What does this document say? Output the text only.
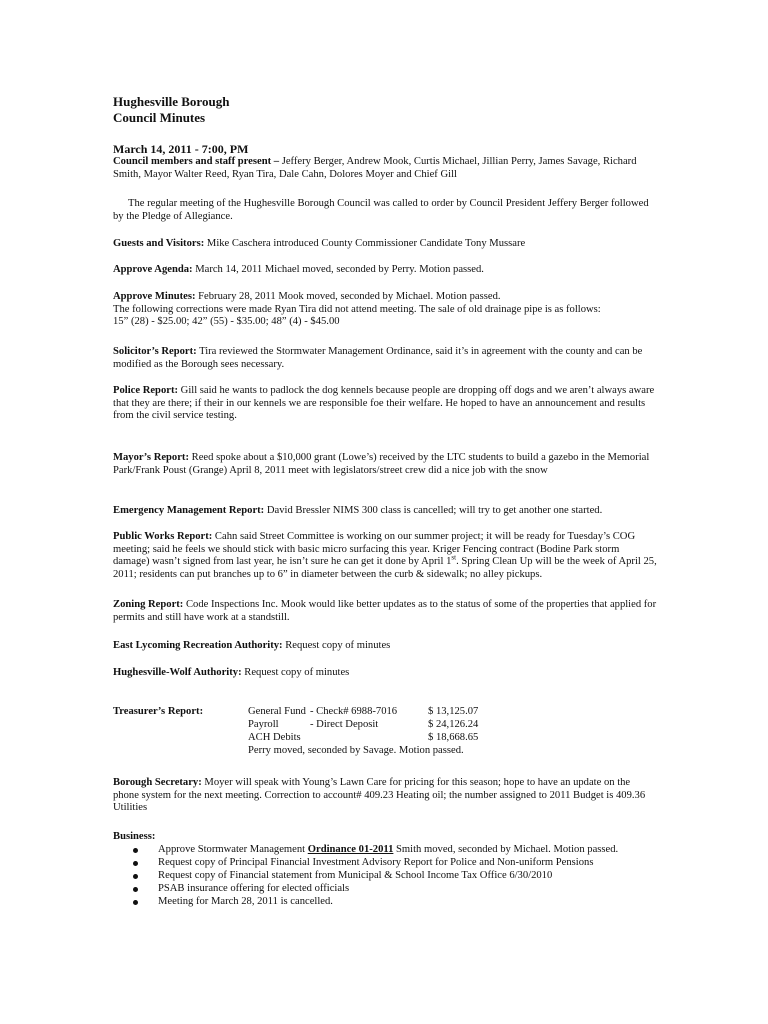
Hughesville Borough
Council Minutes
March 14, 2011 - 7:00, PM
Council members and staff present – Jeffery Berger, Andrew Mook, Curtis Michael, Jillian Perry, James Savage, Richard Smith, Mayor Walter Reed, Ryan Tira, Dale Cahn, Dolores Moyer and Chief Gill
The regular meeting of the Hughesville Borough Council was called to order by Council President Jeffery Berger followed by the Pledge of Allegiance.
Guests and Visitors: Mike Caschera introduced County Commissioner Candidate Tony Mussare
Approve Agenda: March 14, 2011 Michael moved, seconded by Perry. Motion passed.
Approve Minutes: February 28, 2011 Mook moved, seconded by Michael. Motion passed.
The following corrections were made Ryan Tira did not attend meeting. The sale of old drainage pipe is as follows:
15” (28) - $25.00; 42” (55) - $35.00; 48” (4) - $45.00
Solicitor’s Report: Tira reviewed the Stormwater Management Ordinance, said it’s in agreement with the county and can be modified as the Borough sees necessary.
Police Report: Gill said he wants to padlock the dog kennels because people are dropping off dogs and we aren’t always aware that they are there; if their in our kennels we are responsible foe their welfare. He hoped to have an announcement and results from the civil service testing.
Mayor’s Report: Reed spoke about a $10,000 grant (Lowe’s) received by the LTC students to build a gazebo in the Memorial Park/Frank Poust (Grange) April 8, 2011 meet with legislators/street crew did a nice job with the snow
Emergency Management Report: David Bressler NIMS 300 class is cancelled; will try to get another one started.
Public Works Report: Cahn said Street Committee is working on our summer project; it will be ready for Tuesday’s COG meeting; said he feels we should stick with basic micro surfacing this year. Kriger Fencing contract (Bodine Park storm damage) wasn’t signed from last year, he isn’t sure he can get it done by April 1st. Spring Clean Up will be the week of April 25, 2011; residents can put branches up to 6” in diameter between the curb & sidewalk; no alley pickups.
Zoning Report: Code Inspections Inc. Mook would like better updates as to the status of some of the properties that applied for permits and still have work at a standstill.
East Lycoming Recreation Authority: Request copy of minutes
Hughesville-Wolf Authority: Request copy of minutes
Treasurer’s Report:	General Fund - Check# 6988-7016	$ 13,125.07
Payroll	- Direct Deposit	$ 24,126.24
ACH Debits	$ 18,668.65
Perry moved, seconded by Savage. Motion passed.
Borough Secretary: Moyer will speak with Young’s Lawn Care for pricing for this season; hope to have an update on the phone system for the next meeting. Correction to account# 409.23 Heating oil; the number assigned to 2011 Budget is 409.36 Utilities
Business:
Approve Stormwater Management Ordinance 01-2011 Smith moved, seconded by Michael. Motion passed.
Request copy of Principal Financial Investment Advisory Report for Police and Non-uniform Pensions
Request copy of Financial statement from Municipal & School Income Tax Office 6/30/2010
PSAB insurance offering for elected officials
Meeting for March 28, 2011 is cancelled.
